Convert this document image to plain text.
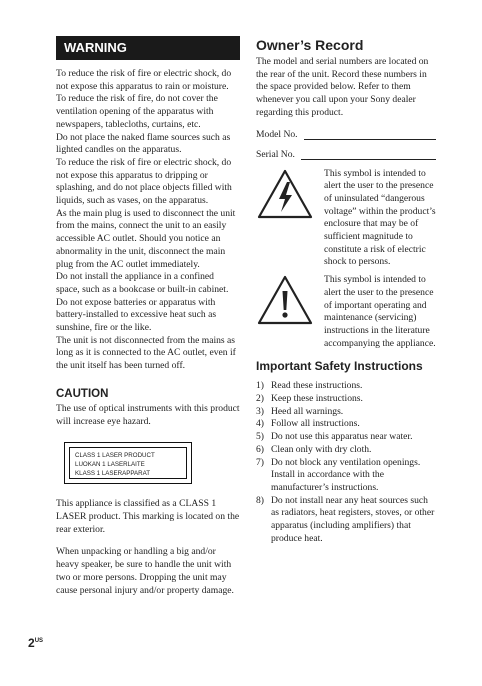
WARNING

To reduce the risk of fire or electric shock, do not expose this apparatus to rain or moisture.

To reduce the risk of fire, do not cover the ventilation opening of the apparatus with newspapers, tablecloths, curtains, etc.

Do not place the naked flame sources such as lighted candles on the apparatus.

To reduce the risk of fire or electric shock, do not expose this apparatus to dripping or splashing, and do not place objects filled with liquids, such as vases, on the apparatus.

As the main plug is used to disconnect the unit from the mains, connect the unit to an easily accessible AC outlet. Should you notice an abnormality in the unit, disconnect the main plug from the AC outlet immediately.

Do not install the appliance in a confined space, such as a bookcase or built-in cabinet.

Do not expose batteries or apparatus with battery-installed to excessive heat such as sunshine, fire or the like.

The unit is not disconnected from the mains as long as it is connected to the AC outlet, even if the unit itself has been turned off.

CAUTION

The use of optical instruments with this product will increase eye hazard.

CLASS 1 LASER PRODUCT
LUOKAN 1 LASERLAITE
KLASS 1 LASERAPPARAT

This appliance is classified as a CLASS 1 LASER product. This marking is located on the rear exterior.

When unpacking or handling a big and/or heavy speaker, be sure to handle the unit with two or more persons. Dropping the unit may cause personal injury and/or property damage.

Owner’s Record

The model and serial numbers are located on the rear of the unit. Record these numbers in the space provided below. Refer to them whenever you call upon your Sony dealer regarding this product.

Model No.
Serial No.

This symbol is intended to alert the user to the presence of uninsulated “dangerous voltage” within the product’s enclosure that may be of sufficient magnitude to constitute a risk of electric shock to persons.

This symbol is intended to alert the user to the presence of important operating and maintenance (servicing) instructions in the literature accompanying the appliance.

Important Safety Instructions
1) Read these instructions.
2) Keep these instructions.
3) Heed all warnings.
4) Follow all instructions.
5) Do not use this apparatus near water.
6) Clean only with dry cloth.
7) Do not block any ventilation openings. Install in accordance with the manufacturer’s instructions.
8) Do not install near any heat sources such as radiators, heat registers, stoves, or other apparatus (including amplifiers) that produce heat.
$2^{US}$
